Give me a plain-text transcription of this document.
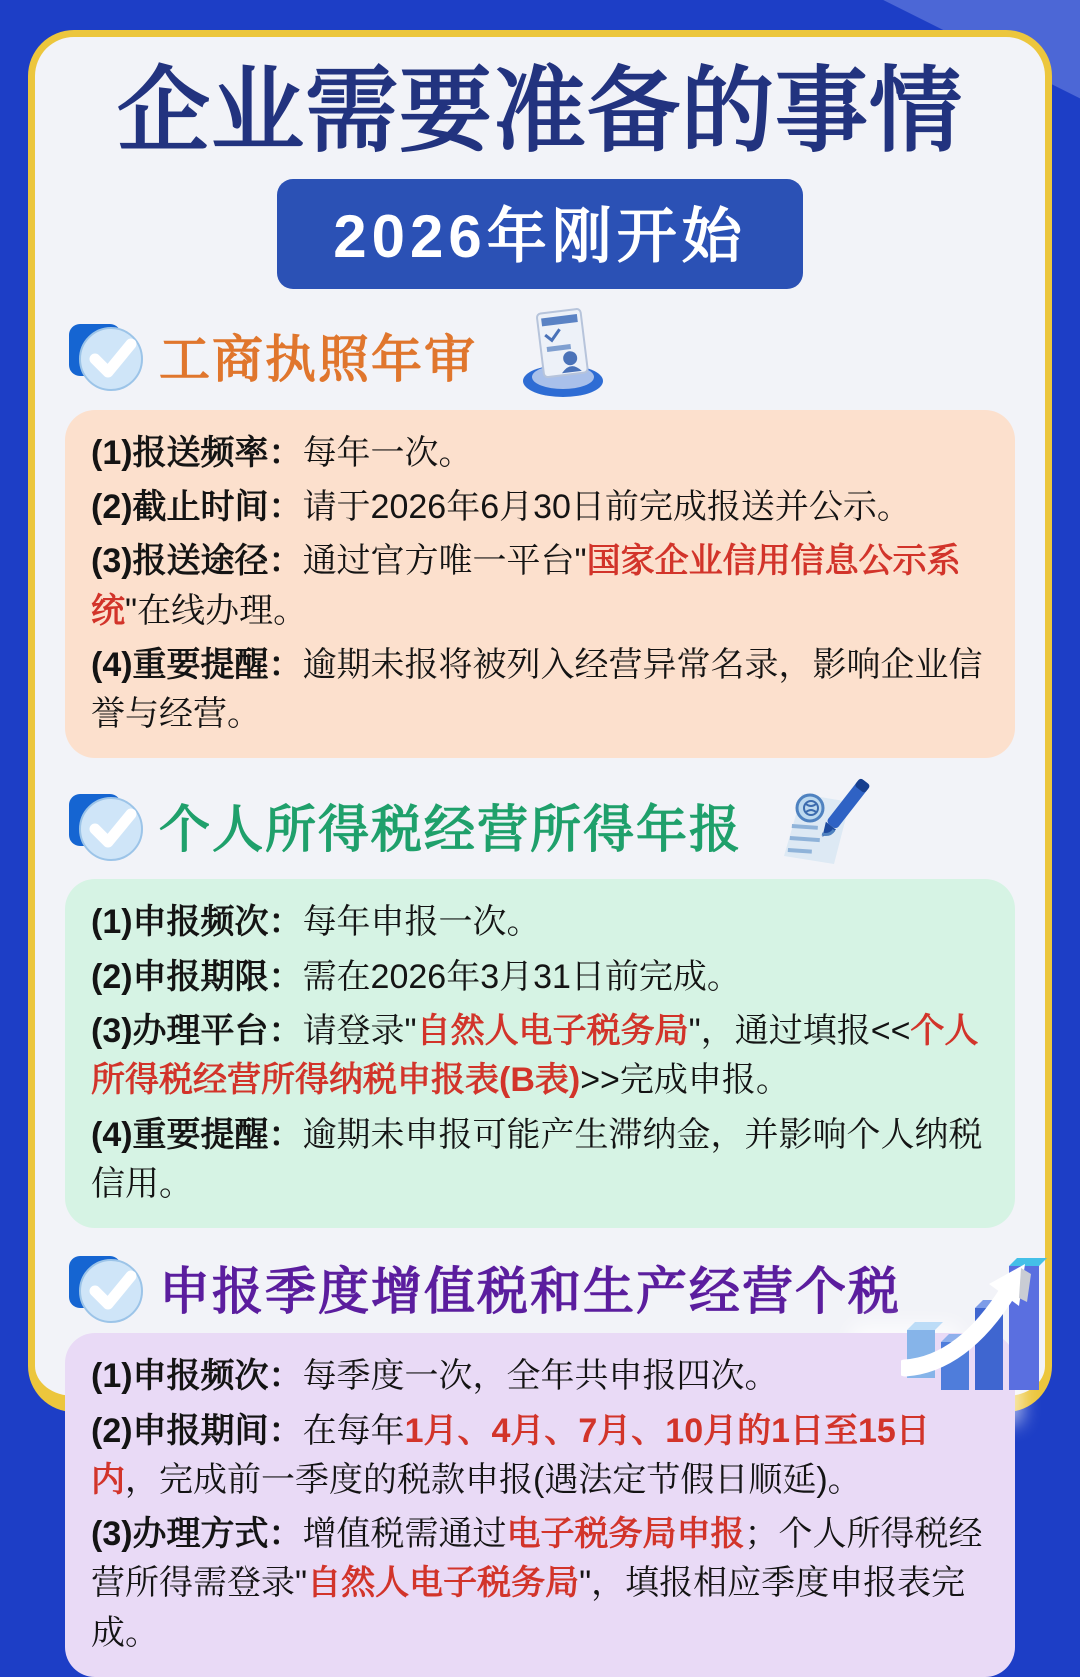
企业需要准备的事情
2026年刚开始
工商执照年审

(1)报送频率：每年一次。

(2)截止时间：请于2026年6月30日前完成报送并公示。

(3)报送途径：通过官方唯一平台"国家企业信用信息公示系统"在线办理。

(4)重要提醒：逾期未报将被列入经营异常名录，影响企业信誉与经营。

个人所得税经营所得年报

(1)申报频次：每年申报一次。

(2)申报期限：需在2026年3月31日前完成。

(3)办理平台：请登录"自然人电子税务局"，通过填报<<个人所得税经营所得纳税申报表(B表)>>完成申报。

(4)重要提醒：逾期未申报可能产生滞纳金，并影响个人纳税信用。

申报季度增值税和生产经营个税

(1)申报频次：每季度一次，全年共申报四次。

(2)申报期间：在每年1月、4月、7月、10月的1日至15日内，完成前一季度的税款申报(遇法定节假日顺延)。

(3)办理方式：增值税需通过电子税务局申报；个人所得税经营所得需登录"自然人电子税务局"，填报相应季度申报表完成。
